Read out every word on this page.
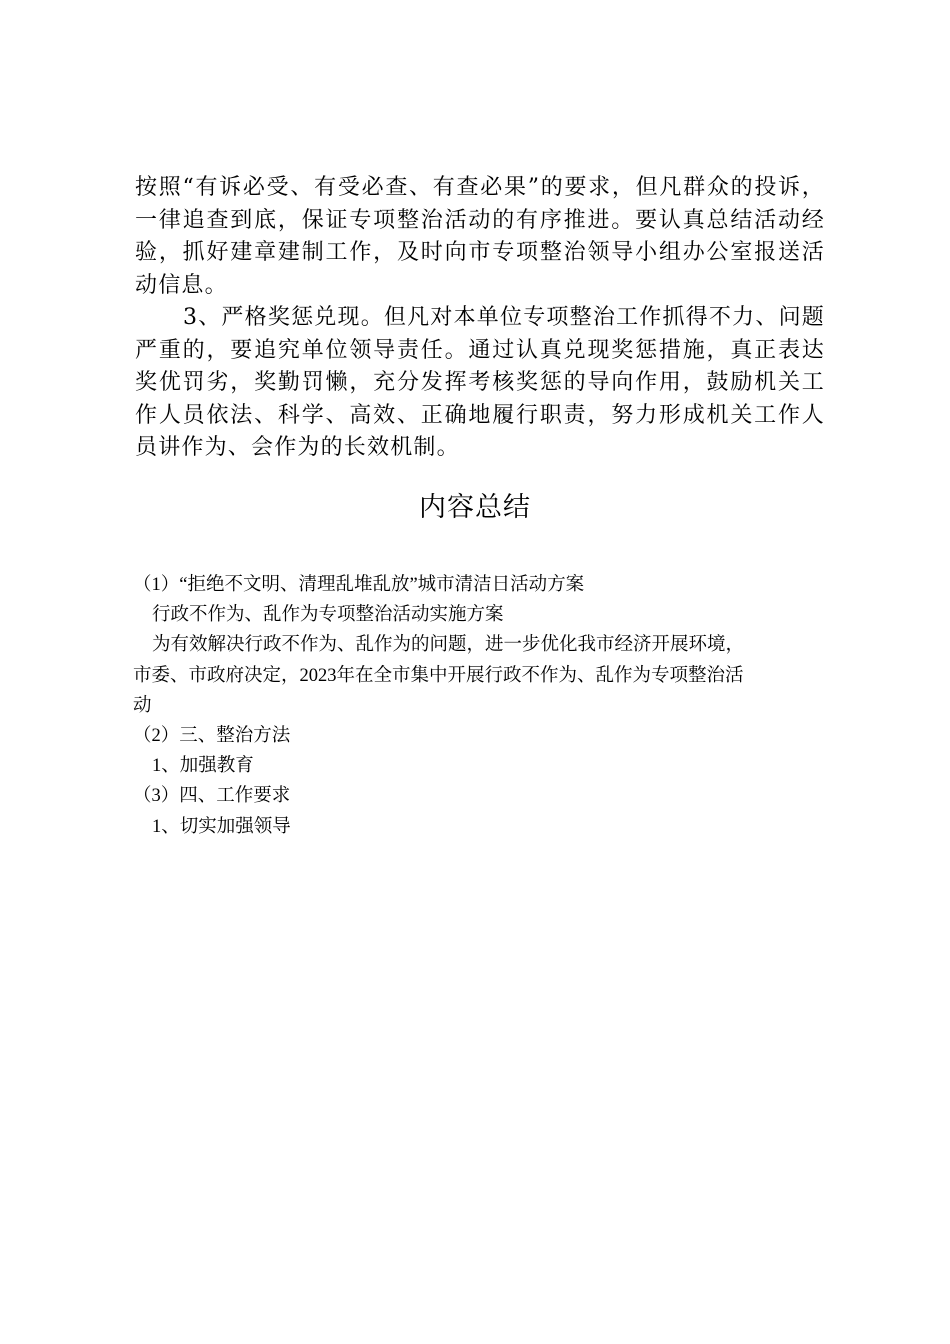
按照“有诉必受、有受必查、有查必果”的要求，但凡群众的投诉，一律追查到底，保证专项整治活动的有序推进。要认真总结活动经验，抓好建章建制工作，及时向市专项整治领导小组办公室报送活动信息。

3、严格奖惩兑现。但凡对本单位专项整治工作抓得不力、问题严重的，要追究单位领导责任。通过认真兑现奖惩措施，真正表达奖优罚劣，奖勤罚懒，充分发挥考核奖惩的导向作用，鼓励机关工作人员依法、科学、高效、正确地履行职责，努力形成机关工作人员讲作为、会作为的长效机制。

内容总结

（1）“拒绝不文明、清理乱堆乱放”城市清洁日活动方案

行政不作为、乱作为专项整治活动实施方案

为有效解决行政不作为、乱作为的问题，进一步优化我市经济开展环境，

市委、市政府决定，2023年在全市集中开展行政不作为、乱作为专项整治活

动

（2）三、整治方法

1、加强教育

（3）四、工作要求

1、切实加强领导
